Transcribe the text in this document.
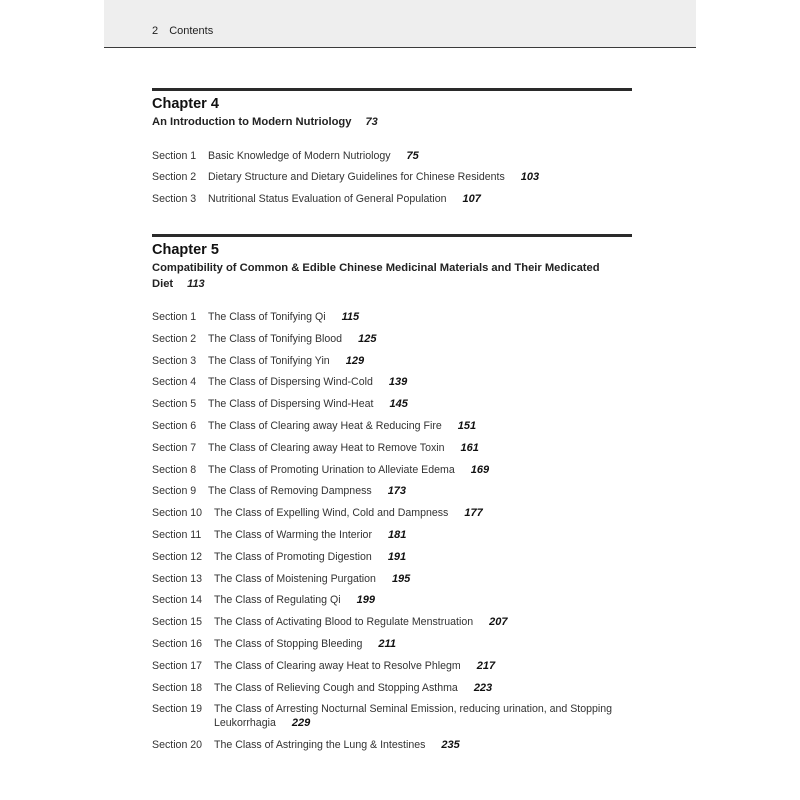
2 Contents
Chapter 4
An Introduction to Modern Nutriology 73
Section 1	Basic Knowledge of Modern Nutriology 75
Section 2	Dietary Structure and Dietary Guidelines for Chinese Residents 103
Section 3	Nutritional Status Evaluation of General Population 107
Chapter 5
Compatibility of Common & Edible Chinese Medicinal Materials and Their Medicated Diet 113
Section 1	The Class of Tonifying Qi 115
Section 2	The Class of Tonifying Blood 125
Section 3	The Class of Tonifying Yin 129
Section 4	The Class of Dispersing Wind-Cold 139
Section 5	The Class of Dispersing Wind-Heat 145
Section 6	The Class of Clearing away Heat & Reducing Fire 151
Section 7	The Class of Clearing away Heat to Remove Toxin 161
Section 8	The Class of Promoting Urination to Alleviate Edema 169
Section 9	The Class of Removing Dampness 173
Section 10	The Class of Expelling Wind, Cold and Dampness 177
Section 11	The Class of Warming the Interior 181
Section 12	The Class of Promoting Digestion 191
Section 13	The Class of Moistening Purgation 195
Section 14	The Class of Regulating Qi 199
Section 15	The Class of Activating Blood to Regulate Menstruation 207
Section 16	The Class of Stopping Bleeding 211
Section 17	The Class of Clearing away Heat to Resolve Phlegm 217
Section 18	The Class of Relieving Cough and Stopping Asthma 223
Section 19	The Class of Arresting Nocturnal Seminal Emission, reducing urination, and Stopping Leukorrhagia 229
Section 20	The Class of Astringing the Lung & Intestines 235
